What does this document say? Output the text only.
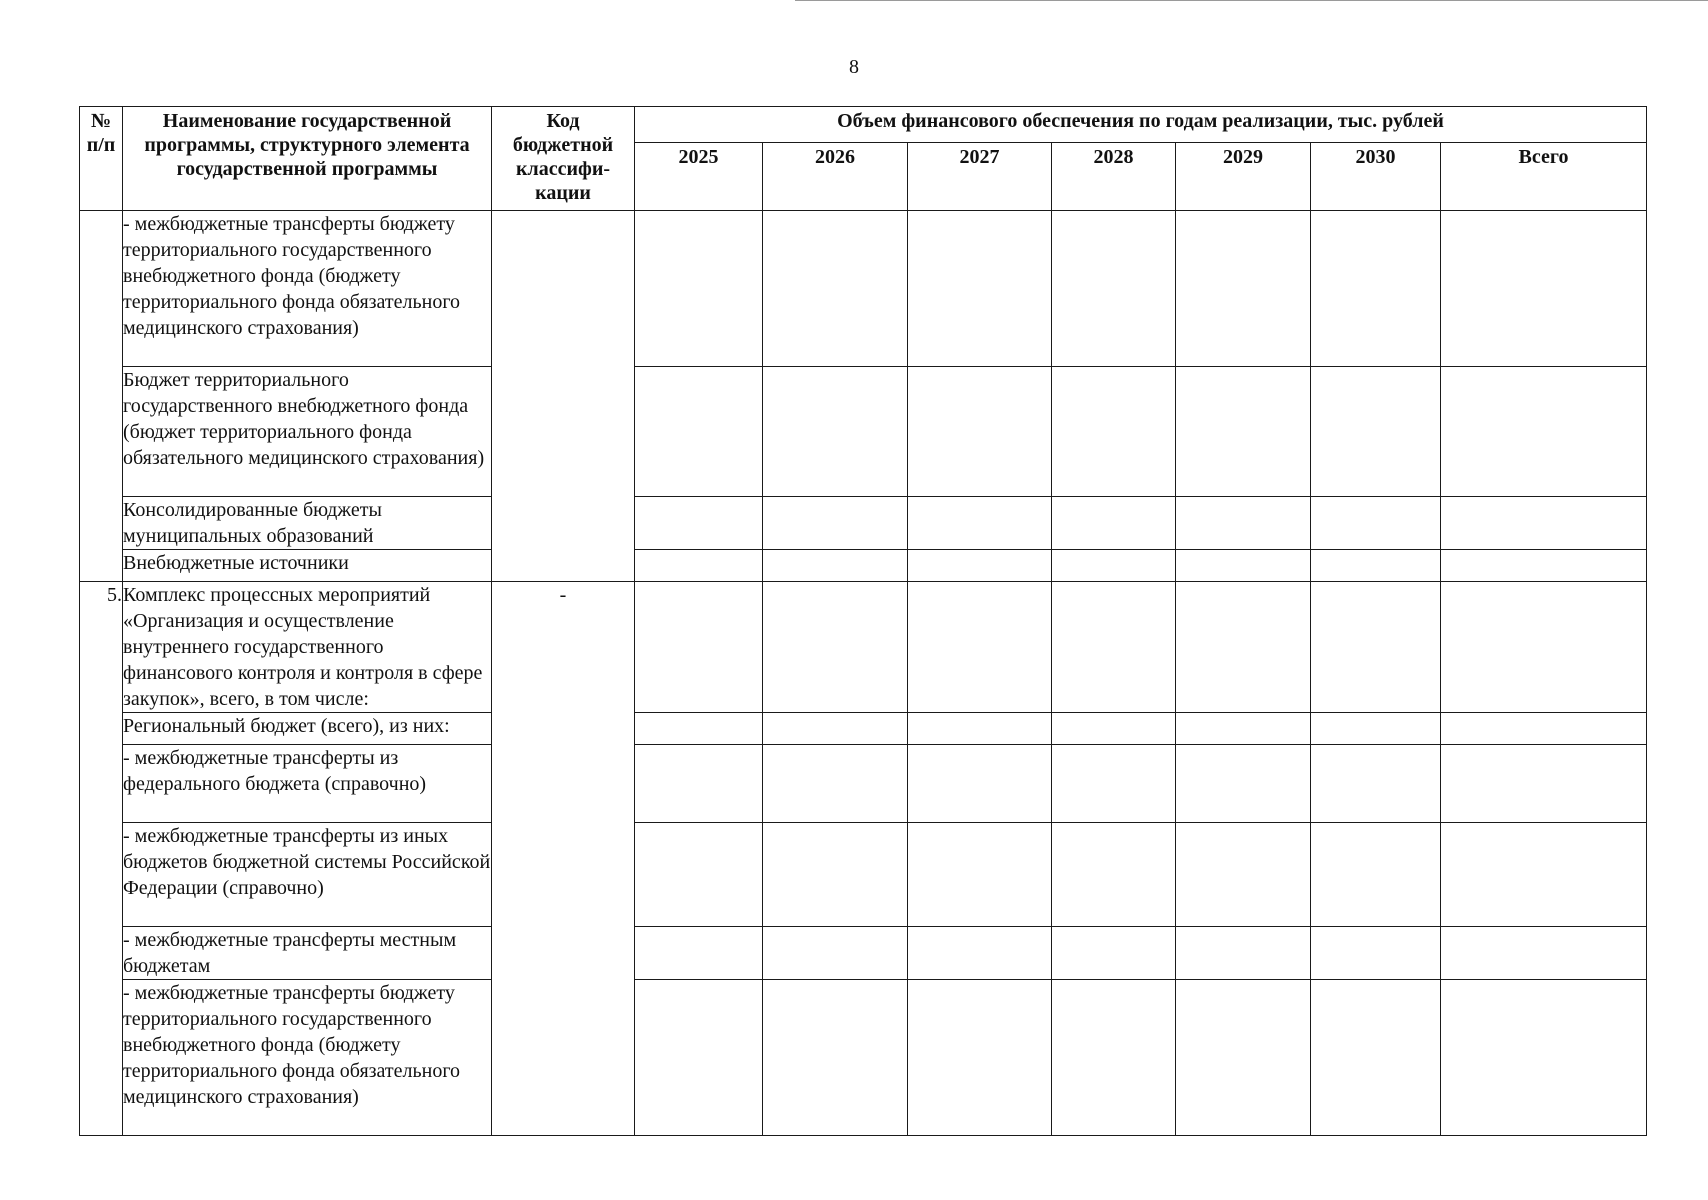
8
№ п/п	Наименование государственной программы, структурного элемента государственной программы	Код бюджетной классифи-кации	Объем финансового обеспечения по годам реализации, тыс. рублей						
			2025	2026	2027	2028	2029	2030	Всего
	- межбюджетные трансферты бюджету территориального государственного внебюджетного фонда (бюджету территориального фонда обязательного медицинского страхования)								
	Бюджет территориального государственного внебюджетного фонда (бюджет территориального фонда обязательного медицинского страхования)								
	Консолидированные бюджеты муниципальных образований								
	Внебюджетные источники								
5.	Комплекс процессных мероприятий «Организация и осуществление внутреннего государственного финансового контроля и контроля в сфере закупок», всего, в том числе:	-							
	Региональный бюджет (всего), из них:								
	- межбюджетные трансферты из федерального бюджета (справочно)								
	- межбюджетные трансферты из иных бюджетов бюджетной системы Российской Федерации (справочно)								
	- межбюджетные трансферты местным бюджетам								
	- межбюджетные трансферты бюджету территориального государственного внебюджетного фонда (бюджету территориального фонда обязательного медицинского страхования)								
